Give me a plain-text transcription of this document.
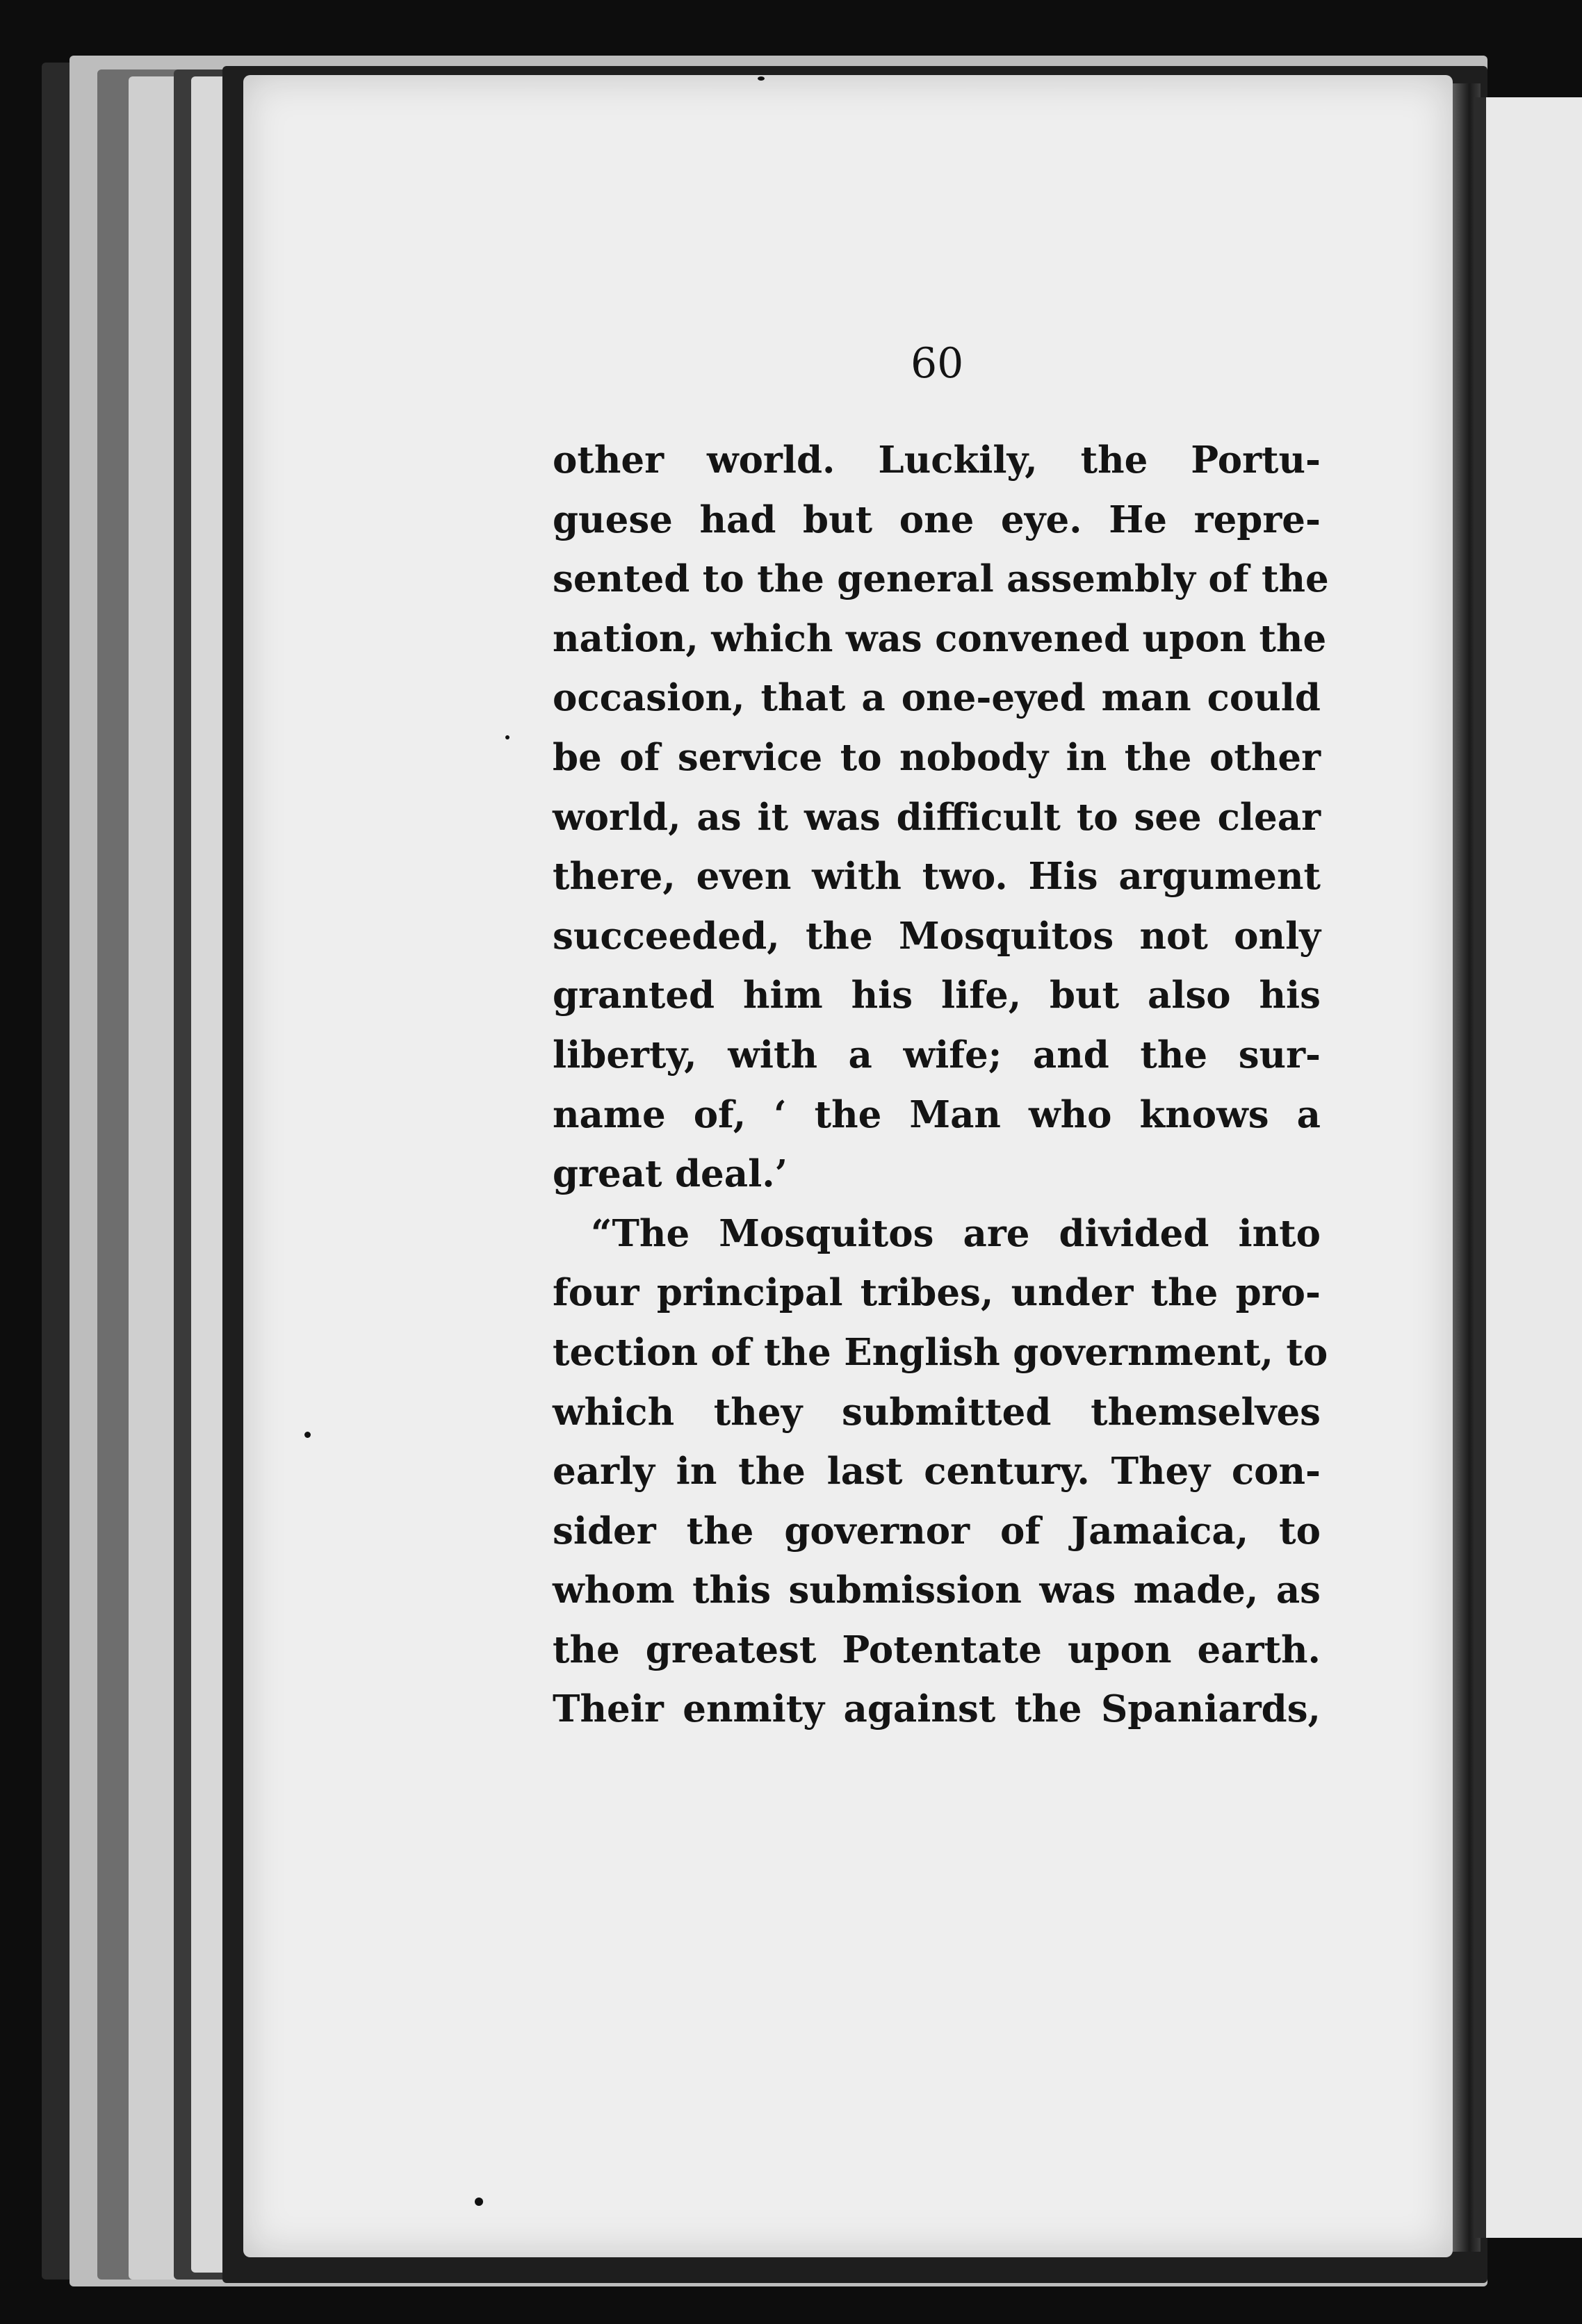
60
other world. Luckily, the Portu-
guese had but one eye. He repre-
sented to the general assembly of the
nation, which was convened upon the
occasion, that a one-eyed man could
be of service to nobody in the other
world, as it was difficult to see clear
there, even with two. His argument
succeeded, the Mosquitos not only
granted him his life, but also his
liberty, with a wife; and the sur-
name of, ‘ the Man who knows a
great deal.’
“The Mosquitos are divided into
four principal tribes, under the pro-
tection of the English government, to
which they submitted themselves
early in the last century. They con-
sider the governor of Jamaica, to
whom this submission was made, as
the greatest Potentate upon earth.
Their enmity against the Spaniards,
